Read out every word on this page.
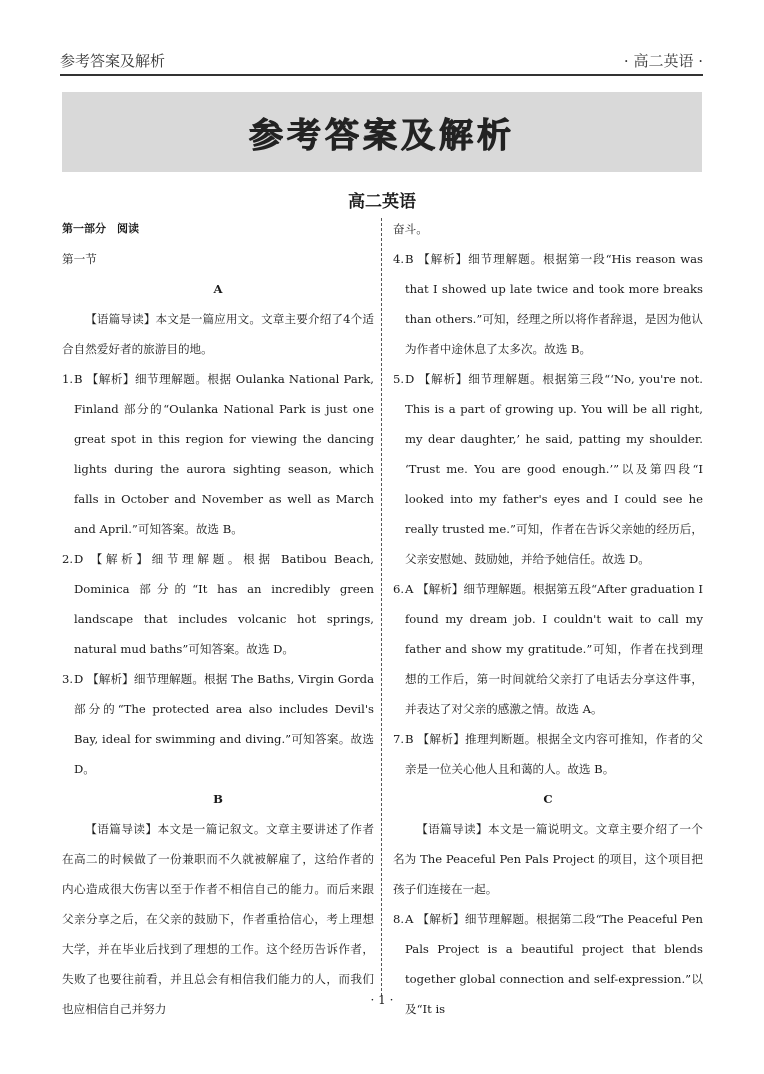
参考答案及解析	· 高二英语 ·
参考答案及解析
高二英语

第一部分　阅读

第一节

A

【语篇导读】本文是一篇应用文。文章主要介绍了4个适合自然爱好者的旅游目的地。

1. B 【解析】细节理解题。根据 Oulanka National Park, Finland 部分的“Oulanka National Park is just one great spot in this region for viewing the dancing lights during the aurora sighting season, which falls in October and November as well as March and April.”可知答案。故选 B。
2. D 【解析】细节理解题。根据 Batibou Beach, Dominica 部分的“It has an incredibly green landscape that includes volcanic hot springs, natural mud baths”可知答案。故选 D。
3. D 【解析】细节理解题。根据 The Baths, Virgin Gorda 部分的“The protected area also includes Devil's Bay, ideal for swimming and diving.”可知答案。故选 D。

B

【语篇导读】本文是一篇记叙文。文章主要讲述了作者在高二的时候做了一份兼职而不久就被解雇了，这给作者的内心造成很大伤害以至于作者不相信自己的能力。而后来跟父亲分享之后，在父亲的鼓励下，作者重拾信心，考上理想大学，并在毕业后找到了理想的工作。这个经历告诉作者，失败了也要往前看，并且总会有相信我们能力的人，而我们也应相信自己并努力

奋斗。

4. B 【解析】细节理解题。根据第一段“His reason was that I showed up late twice and took more breaks than others.”可知，经理之所以将作者辞退，是因为他认为作者中途休息了太多次。故选 B。
5. D 【解析】细节理解题。根据第三段“‘No, you're not. This is a part of growing up. You will be all right, my dear daughter,’ he said, patting my shoulder. ‘Trust me. You are good enough.’”以及第四段“I looked into my father's eyes and I could see he really trusted me.”可知，作者在告诉父亲她的经历后，父亲安慰她、鼓励她，并给予她信任。故选 D。
6. A 【解析】细节理解题。根据第五段“After graduation I found my dream job. I couldn't wait to call my father and show my gratitude.”可知，作者在找到理想的工作后，第一时间就给父亲打了电话去分享这件事，并表达了对父亲的感激之情。故选 A。
7. B 【解析】推理判断题。根据全文内容可推知，作者的父亲是一位关心他人且和蔼的人。故选 B。

C

【语篇导读】本文是一篇说明文。文章主要介绍了一个名为 The Peaceful Pen Pals Project 的项目，这个项目把孩子们连接在一起。

8. A 【解析】细节理解题。根据第二段“The Peaceful Pen Pals Project is a beautiful project that blends together global connection and self-expression.”以及“It is
· 1 ·
